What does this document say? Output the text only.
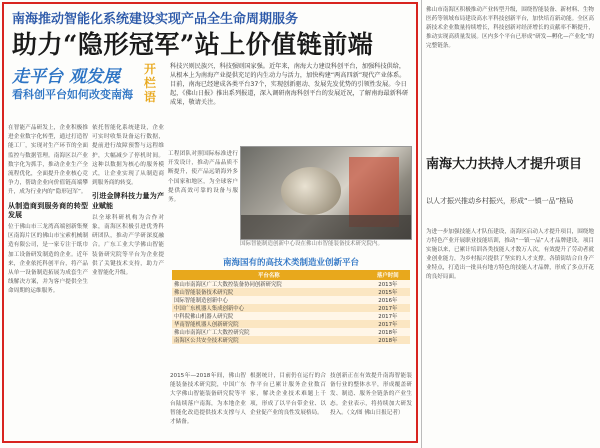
南海推动智能化系统建设实现产品全生命周期服务
助力“隐形冠军”站上价值链前端
走平台 观发展
看科创平台如何改变南海
开栏语
科技兴则民族兴，科技强则国家强。近年来，南海大力建设科创平台，加强科技供给，从根本上为南海产业提供充足的内生动力与活力，加快构建“两高四新”现代产业体系。目前，南海已经建成各类平台37个，实现创新驱动、发展先发优势的引领性发展。今日起，《佛山日报》推出系列报道，深入调研南海科创平台的发展近况，了解南海最新科研成果，敬请关注。
在智能产品研发上，企业积极推进企业数字化转型，通过打造智能工厂，实现对生产环节的全面监控与数据管理。南海区以产业数字化为抓手，推动企业生产全流程优化，全面提升企业核心竞争力，帮助企业向价值链高端攀升，成为行业内的“隐形冠军”。
从制造商到服务商的转型发展
位于佛山市三龙湾高端创新集聚区南海片区的佛山市宝索机械制造有限公司，是一家专注于纸巾加工设备研发制造的企业。近年来，企业依托科创平台，将产品从单一设备制造拓展为成套生产线解决方案，并为客户提供全生命周期的运维服务。
依托智能化系统建设，企业可实时收集设备运行数据，提前进行故障预警与远程维护，大幅减少了停机时间。这种以数据为核心的服务模式，让企业实现了从制造商到服务商的转变。
引进金牌科技力量为产业赋能
以全球科研机构为合作对象，南海区积极引进优秀科研团队，推动产学研深度融合。广东工业大学佛山智能装备研究院等平台为企业提供了关键技术支持，助力产业智能化升级。
工程团队对照国际标准进行开发设计，推动产品品质不断提升，使产品远销海外多个国家和地区，为全球客户提供高效可靠的设备与服务。
国际智能制造创新中心设在佛山市智能装备技术研究院内。
南海国有的高技术类制造业创新平台
平台名称	落户时间
佛山市南海区广工大数控装备协同创新研究院	2013年
佛山智能装备技术研究院	2015年
国际智能制造创新中心	2016年
中国广东机器人集成创新中心	2017年
中科院佛山机器人研究院	2017年
华南智能机器人创新研究院	2017年
佛山市南海区广工大数控研究院	2018年
南海区公共安全技术研究院	2018年
2015年—2018年间，佛山智能装备技术研究院，中国广东大学佛山智能装备研究院等平台陆续落户南海，为本地企业智能化改造提供技术支撑与人才储备。
根据统计，目前仍在运行的合作平台已累计服务企业数百家，解决企业技术难题上千项，形成了以平台带企业、以企业促产业的良性发展格局。
技创新正在有效提升南海智能装备行业的整体水平，形成覆盖研发、制造、服务全链条的产业生态。企业表示，将持续加大研发投入。（文/图 佛山日报记者）
佛山市南海区积极推动产业转型升级，围绕智能装备、新材料、生物医药等领域布局建设高水平科技创新平台，加快培育新动能。全区高新技术企业数量持续增长，科技创新对经济增长的贡献率不断提升，推动实现高质量发展。区内多个平台已形成“研发—孵化—产业化”的完整链条。
南海大力扶持人才提升项目
以人才振兴推动乡村振兴，形成“一镇一品”格局
为进一步加强技能人才队伍建设，南海区启动人才提升项目，围绕地方特色产业开展职业技能培训，推动“一镇一品”人才品牌建设。项目实施以来，已累计培训各类技能人才数万人次，有效提升了劳动者就业创业能力，为乡村振兴提供了坚实的人才支撑。各镇街结合自身产业特点，打造出一批具有地方特色的技能人才品牌，形成了多点开花的良好局面。
